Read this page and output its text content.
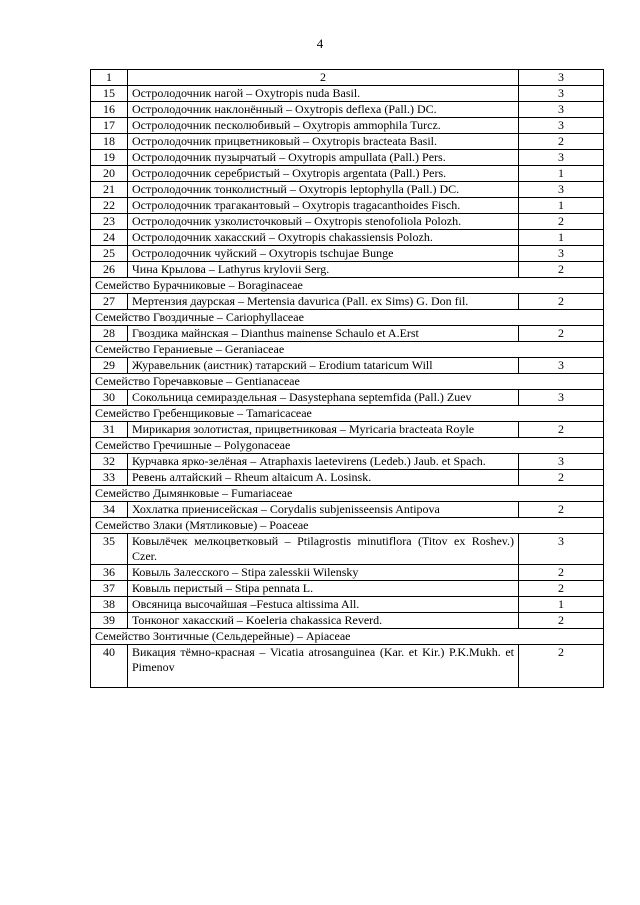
4
1	2	3
15	Остролодочник нагой – Oxytropis nuda Basil.	3
16	Остролодочник наклонённый – Oxytropis deflexa (Pall.) DC.	3
17	Остролодочник песколюбивый – Oxytropis ammophila Turcz.	3
18	Остролодочник прицветниковый – Oxytropis bracteata Basil.	2
19	Остролодочник пузырчатый – Oxytropis ampullata (Pall.) Pers.	3
20	Остролодочник серебристый – Oxytropis argentata (Pall.) Pers.	1
21	Остролодочник тонколистный – Oxytropis leptophylla (Pall.) DC.	3
22	Остролодочник трагакантовый – Oxytropis tragacanthoides Fisch.	1
23	Остролодочник узколисточковый – Oxytropis stenofoliola Polozh.	2
24	Остролодочник хакасский – Oxytropis chakassiensis Polozh.	1
25	Остролодочник чуйский – Oxytropis tschujae Bunge	3
26	Чина Крылова – Lathyrus krylovii Serg.	2
Семейство Бурачниковые – Boraginaceae		
27	Мертензия даурская – Mertensia davurica (Pall. ex Sims) G. Don fil.	2
Семейство Гвоздичные – Cariophyllaceae		
28	Гвоздика майнская – Dianthus mainense Schaulo et A.Erst	2
Семейство Гераниевые – Geraniaceae		
29	Журавельник (аистник) татарский – Erodium tataricum Will	3
Семейство Горечавковые – Gentianaceae		
30	Сокольница семираздельная – Dasystephana septemfida (Pall.) Zuev	3
Семейство Гребенщиковые – Tamaricaceae		
31	Мирикария золотистая, прицветниковая – Myricaria bracteata Royle	2
Семейство Гречишные – Polygonaceae		
32	Курчавка ярко-зелёная – Atraphaxis laetevirens (Ledeb.) Jaub. et Spach.	3
33	Ревень алтайский – Rheum altaicum A. Losinsk.	2
Семейство Дымянковые – Fumariaceae		
34	Хохлатка приенисейская – Corydalis subjenisseensis Antipova	2
Семейство Злаки (Мятликовые) – Poaceae		
35	Ковылёчек мелкоцветковый – Ptilagrostis minutiflora (Titov ex Roshev.) Czer.	3
36	Ковыль Залесского – Stipa zalesskii Wilensky	2
37	Ковыль перистый – Stipa pennata L.	2
38	Овсяница высочайшая –Festuca altissima All.	1
39	Тонконог хакасский – Koeleria chakassica Reverd.	2
Семейство Зонтичные (Сельдерейные) – Apiaceae		
40	Викация тёмно-красная – Vicatia atrosanguinea (Kar. et Kir.) P.K.Mukh. et Pimenov	2
